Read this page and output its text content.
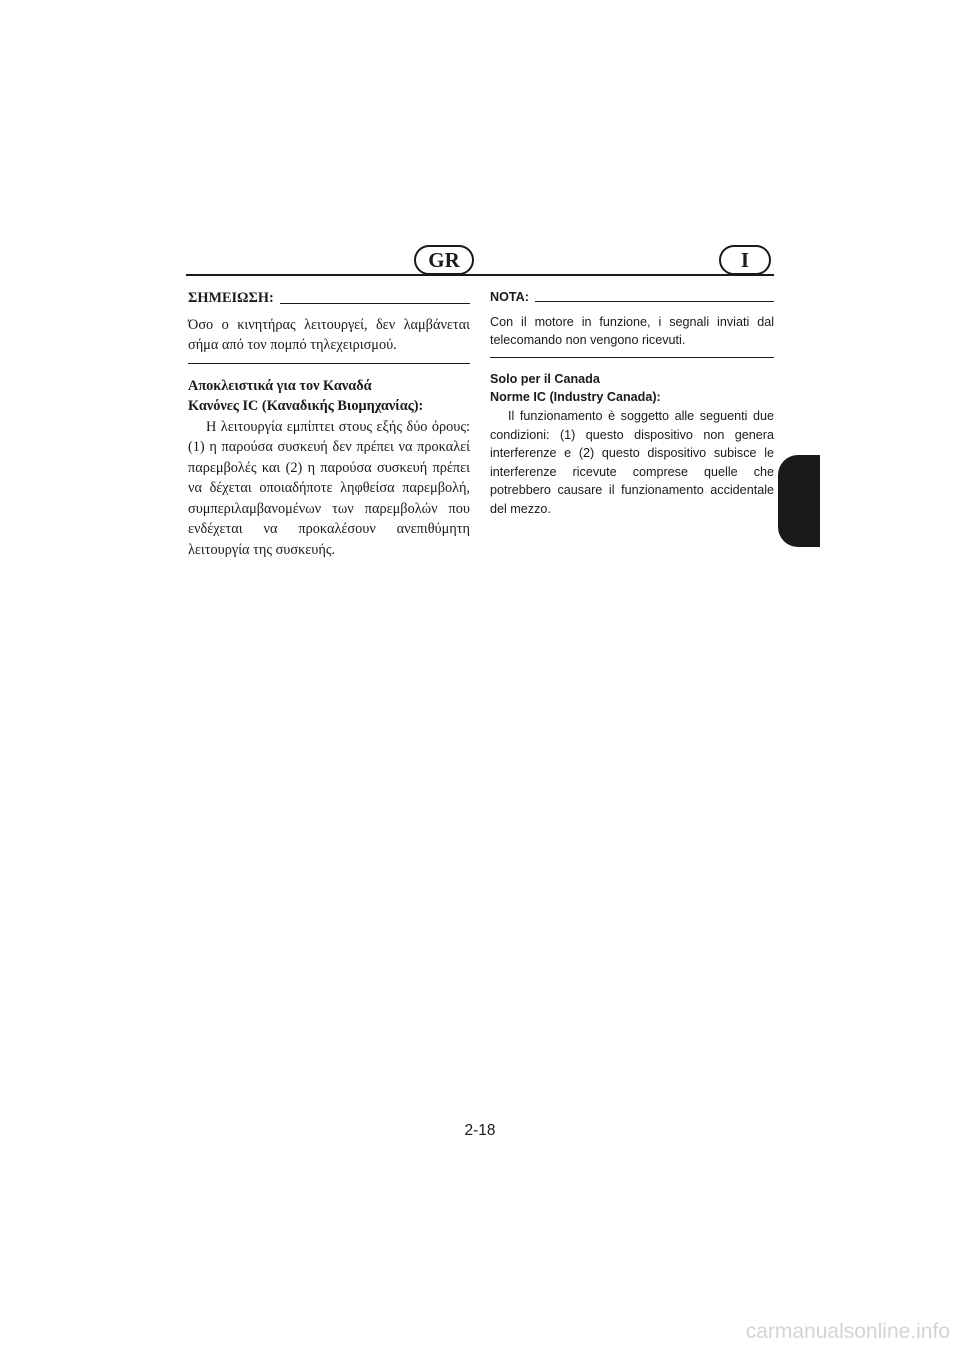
GR	I
ΣΗΜΕΙΩΣΗ:
Όσο ο κινητήρας λειτουργεί, δεν λαμβάνεται σήμα από τον πομπό τηλεχειρισμού.
Αποκλειστικά για τον Καναδά
Κανόνες IC (Καναδικής Βιομηχανίας):
Η λειτουργία εμπίπτει στους εξής δύο όρους: (1) η παρούσα συσκευή δεν πρέπει να προκαλεί παρεμβολές και (2) η παρούσα συσκευή πρέπει να δέχεται οποιαδήποτε ληφθείσα παρεμβολή, συμπεριλαμβανομένων των παρεμβολών που ενδέχεται να προκαλέσουν ανεπιθύμητη λειτουργία της συσκευής.
NOTA:
Con il motore in funzione, i segnali inviati dal telecomando non vengono ricevuti.
Solo per il Canada
Norme IC (Industry Canada):
Il funzionamento è soggetto alle seguenti due condizioni: (1) questo dispositivo non genera interferenze e (2) questo dispositivo subisce le interferenze ricevute comprese quelle che potrebbero causare il funzionamento accidentale del mezzo.
2-18
carmanualsonline.info
